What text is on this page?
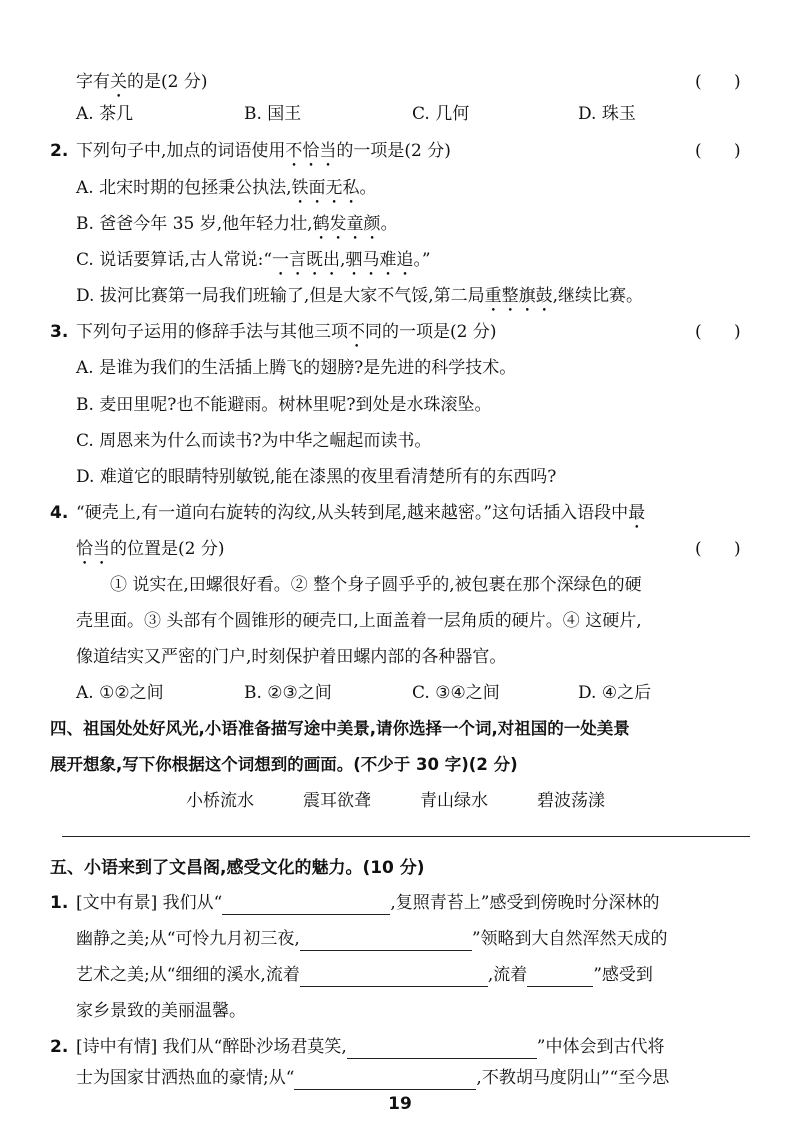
字有关的是(2 分)	(      )
A. 茶几	B. 国王	C. 几何	D. 珠玉
2. 下列句子中,加点的词语使用不恰当的一项是(2 分)	(      )
A. 北宋时期的包拯秉公执法,铁面无私。
B. 爸爸今年 35 岁,他年轻力壮,鹤发童颜。
C. 说话要算话,古人常说:“一言既出,驷马难追。”
D. 拔河比赛第一局我们班输了,但是大家不气馁,第二局重整旗鼓,继续比赛。
3. 下列句子运用的修辞手法与其他三项不同的一项是(2 分)	(      )
A. 是谁为我们的生活插上腾飞的翅膀?是先进的科学技术。
B. 麦田里呢?也不能避雨。树林里呢?到处是水珠滚坠。
C. 周恩来为什么而读书?为中华之崛起而读书。
D. 难道它的眼睛特别敏锐,能在漆黑的夜里看清楚所有的东西吗?
4. “硬壳上,有一道向右旋转的沟纹,从头转到尾,越来越密。”这句话插入语段中最
恰当的位置是(2 分)	(      )
① 说实在,田螺很好看。② 整个身子圆乎乎的,被包裹在那个深绿色的硬
壳里面。③ 头部有个圆锥形的硬壳口,上面盖着一层角质的硬片。④ 这硬片,
像道结实又严密的门户,时刻保护着田螺内部的各种器官。
A. ①②之间	B. ②③之间	C. ③④之间	D. ④之后
四、祖国处处好风光,小语准备描写途中美景,请你选择一个词,对祖国的一处美景
展开想象,写下你根据这个词想到的画面。(不少于 30 字)(2 分)
小桥流水	震耳欲聋	青山绿水	碧波荡漾
五、小语来到了文昌阁,感受文化的魅力。(10 分)
1. [文中有景] 我们从“	,复照青苔上”感受到傍晚时分深林的
幽静之美;从“可怜九月初三夜,	”领略到大自然浑然天成的
艺术之美;从“细细的溪水,流着	,流着	”感受到
家乡景致的美丽温馨。
2. [诗中有情] 我们从“醉卧沙场君莫笑,	”中体会到古代将
士为国家甘洒热血的豪情;从“	,不教胡马度阴山”“至今思
19
